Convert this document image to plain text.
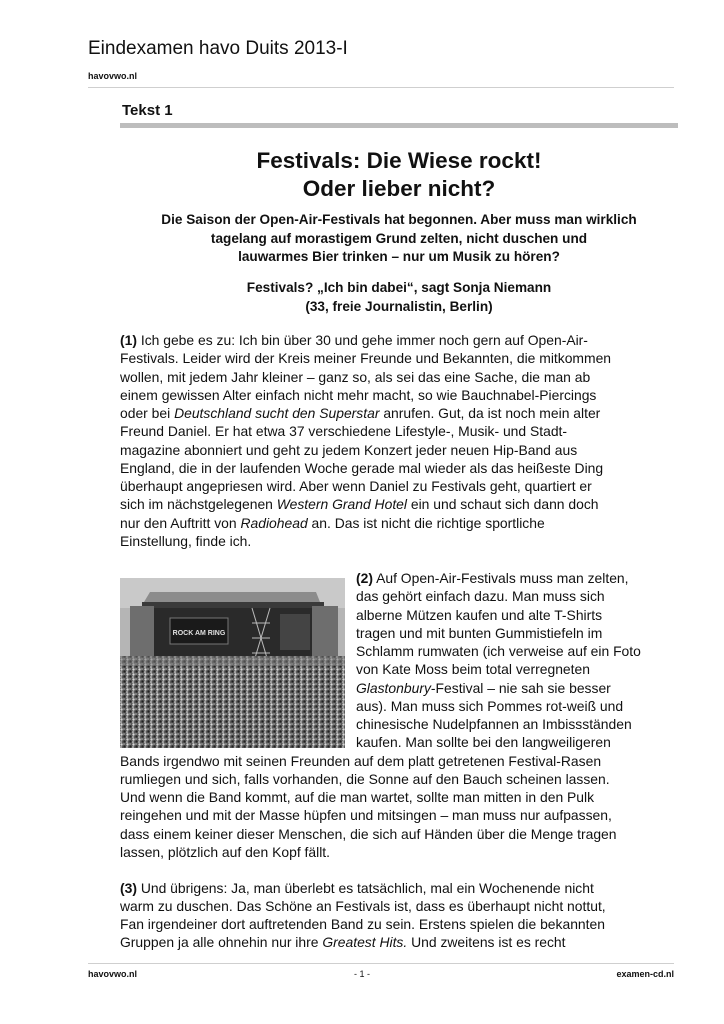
Eindexamen havo Duits 2013-I
havovwo.nl
Tekst 1
Festivals: Die Wiese rockt!
Oder lieber nicht?
Die Saison der Open-Air-Festivals hat begonnen. Aber muss man wirklich
tagelang auf morastigem Grund zelten, nicht duschen und
lauwarmes Bier trinken – nur um Musik zu hören?
Festivals? „Ich bin dabei“, sagt Sonja Niemann
(33, freie Journalistin, Berlin)
(1) Ich gebe es zu: Ich bin über 30 und gehe immer noch gern auf Open-Air-
Festivals. Leider wird der Kreis meiner Freunde und Bekannten, die mitkommen
wollen, mit jedem Jahr kleiner – ganz so, als sei das eine Sache, die man ab
einem gewissen Alter einfach nicht mehr macht, so wie Bauchnabel-Piercings
oder bei Deutschland sucht den Superstar anrufen. Gut, da ist noch mein alter
Freund Daniel. Er hat etwa 37 verschiedene Lifestyle-, Musik- und Stadt-
magazine abonniert und geht zu jedem Konzert jeder neuen Hip-Band aus
England, die in der laufenden Woche gerade mal wieder als das heißeste Ding
überhaupt angepriesen wird. Aber wenn Daniel zu Festivals geht, quartiert er
sich im nächstgelegenen Western Grand Hotel ein und schaut sich dann doch
nur den Auftritt von Radiohead an. Das ist nicht die richtige sportliche
Einstellung, finde ich.
ROCK AM RING
(2) Auf Open-Air-Festivals muss man zelten,
das gehört einfach dazu. Man muss sich
alberne Mützen kaufen und alte T-Shirts
tragen und mit bunten Gummistiefeln im
Schlamm rumwaten (ich verweise auf ein Foto
von Kate Moss beim total verregneten
Glastonbury-Festival – nie sah sie besser
aus). Man muss sich Pommes rot-weiß und
chinesische Nudelpfannen an Imbissständen
kaufen. Man sollte bei den langweiligeren
Bands irgendwo mit seinen Freunden auf dem platt getretenen Festival-Rasen
rumliegen und sich, falls vorhanden, die Sonne auf den Bauch scheinen lassen.
Und wenn die Band kommt, auf die man wartet, sollte man mitten in den Pulk
reingehen und mit der Masse hüpfen und mitsingen – man muss nur aufpassen,
dass einem keiner dieser Menschen, die sich auf Händen über die Menge tragen
lassen, plötzlich auf den Kopf fällt.
(3) Und übrigens: Ja, man überlebt es tatsächlich, mal ein Wochenende nicht
warm zu duschen. Das Schöne an Festivals ist, dass es überhaupt nicht nottut,
Fan irgendeiner dort auftretenden Band zu sein. Erstens spielen die bekannten
Gruppen ja alle ohnehin nur ihre Greatest Hits. Und zweitens ist es recht
havovwo.nl	- 1 -	examen-cd.nl
